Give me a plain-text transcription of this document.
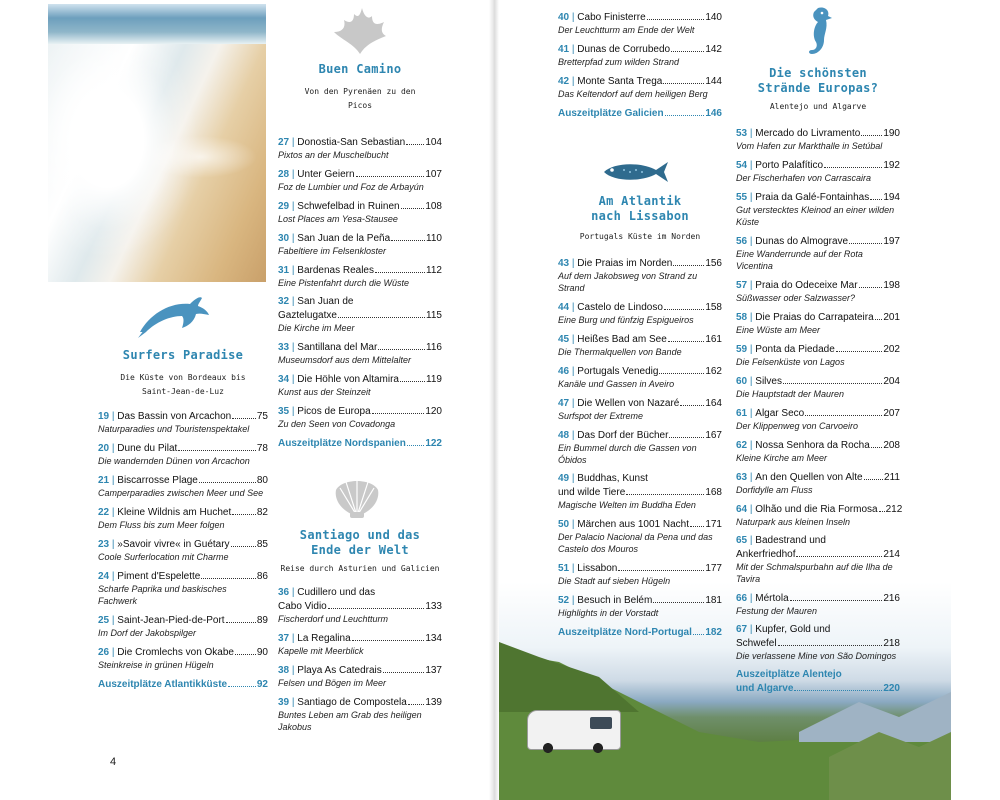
Surfers Paradise
Die Küste von Bordeaux bis Saint-Jean-de-Luz
19 | Das Bassin von Arcachon	75
Naturparadies und Touristenspektakel
20 | Dune du Pilat	78
Die wandernden Dünen von Arcachon
21 | Biscarrosse Plage	80
Camperparadies zwischen Meer und See
22 | Kleine Wildnis am Huchet	82
Dem Fluss bis zum Meer folgen
23 | »Savoir vivre« in Guétary	85
Coole Surferlocation mit Charme
24 | Piment d'Espelette	86
Scharfe Paprika und baskisches Fachwerk
25 | Saint-Jean-Pied-de-Port	89
Im Dorf der Jakobspilger
26 | Die Cromlechs von Okabe 90
Steinkreise in grünen Hügeln
Auszeitplätze Atlantikküste	92
4
Buen Camino
Von den Pyrenäen zu den Picos
27 | Donostia-San Sebastian 104
Pixtos an der Muschelbucht
28 | Unter Geiern	107
Foz de Lumbier und Foz de Arbayún
29 | Schwefelbad in Ruinen	108
Lost Places am Yesa-Stausee
30 | San Juan de la Peña	110
Fabeltiere im Felsenkloster
31 | Bardenas Reales	112
Eine Pistenfahrt durch die Wüste
32 | San Juan de
Gaztelugatxe	115
Die Kirche im Meer
33 | Santillana del Mar	116
Museumsdorf aus dem Mittelalter
34 | Die Höhle von Altamira	119
Kunst aus der Steinzeit
35 | Picos de Europa	120
Zu den Seen von Covadonga
Auszeitplätze Nordspanien 122
Santiago und das Ende der Welt
Reise durch Asturien und Galicien
36 | Cudillero und das
Cabo Vidio	133
Fischerdorf und Leuchtturm
37 | La Regalina	134
Kapelle mit Meerblick
38 | Playa As Catedrais	137
Felsen und Bögen im Meer
39 | Santiago de Compostela 139
Buntes Leben am Grab des heiligen Jakobus
40 | Cabo Finisterre	140
Der Leuchtturm am Ende der Welt
41 | Dunas de Corrubedo	142
Bretterpfad zum wilden Strand
42 | Monte Santa Trega	144
Das Keltendorf auf dem heiligen Berg
Auszeitplätze Galicien	146
Am Atlantik nach Lissabon
Portugals Küste im Norden
43 | Die Praias im Norden	156
Auf dem Jakobsweg von Strand zu Strand
44 | Castelo de Lindoso	158
Eine Burg und fünfzig Espigueiros
45 | Heißes Bad am See	161
Die Thermalquellen von Bande
46 | Portugals Venedig	162
Kanäle und Gassen in Aveiro
47 | Die Wellen von Nazaré	164
Surfspot der Extreme
48 | Das Dorf der Bücher	167
Ein Bummel durch die Gassen von Óbidos
49 | Buddhas, Kunst
und wilde Tiere	168
Magische Welten im Buddha Eden
50 | Märchen aus 1001 Nacht 171
Der Palacio Nacional da Pena und das Castelo dos Mouros
51 | Lissabon	177
Die Stadt auf sieben Hügeln
52 | Besuch in Belém	181
Highlights in der Vorstadt
Auszeitplätze Nord-Portugal 182
Die schönsten Strände Europas?
Alentejo und Algarve
53 | Mercado do Livramento 190
Vom Hafen zur Markthalle in Setúbal
54 | Porto Palafítico	192
Der Fischerhafen von Carrascaira
55 | Praia da Galé-Fontainhas 194
Gut verstecktes Kleinod an einer wilden Küste
56 | Dunas do Almograve	197
Eine Wanderrunde auf der Rota Vicentina
57 | Praia do Odeceixe Mar	198
Süßwasser oder Salzwasser?
58 | Die Praias do Carrapateira 201
Eine Wüste am Meer
59 | Ponta da Piedade	202
Die Felsenküste von Lagos
60 | Silves	204
Die Hauptstadt der Mauren
61 | Algar Seco	207
Der Klippenweg von Carvoeiro
62 | Nossa Senhora da Rocha 208
Kleine Kirche am Meer
63 | An den Quellen von Alte 211
Dorfidylle am Fluss
64 | Olhão und die Ria Formosa 212
Naturpark aus kleinen Inseln
65 | Badestrand und
Ankerfriedhof	214
Mit der Schmalspurbahn auf die Ilha de Tavira
66 | Mértola	216
Festung der Mauren
67 | Kupfer, Gold und
Schwefel	218
Die verlassene Mine von São Domingos
Auszeitplätze Alentejo
und Algarve	220
